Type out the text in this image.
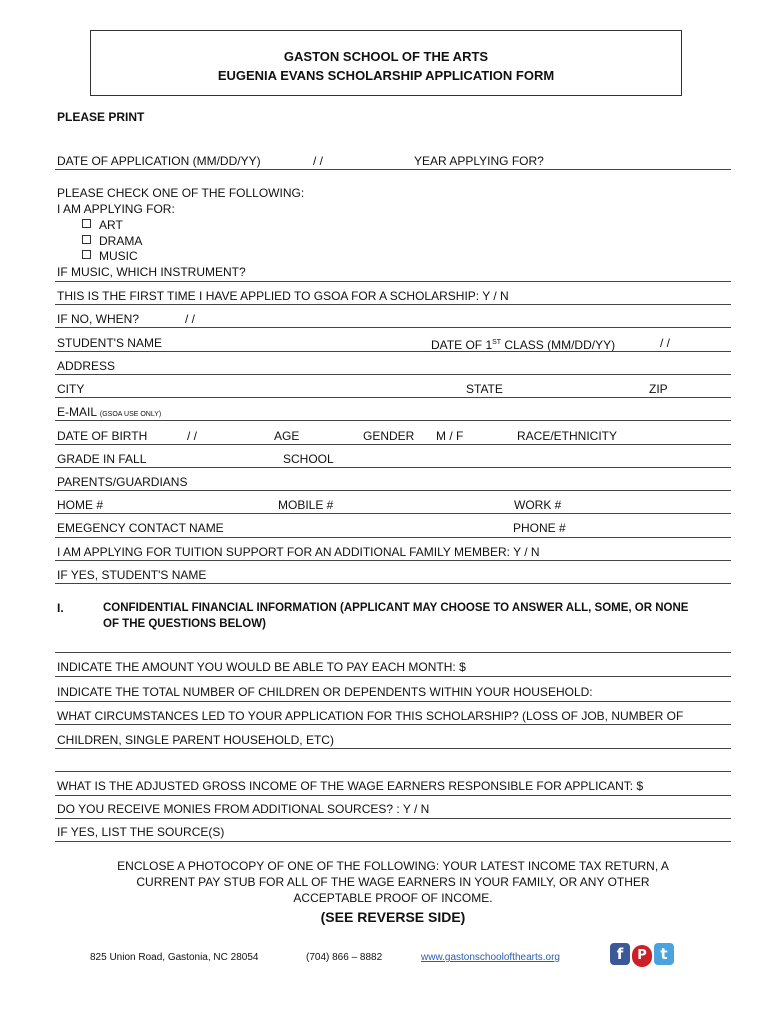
GASTON SCHOOL OF THE ARTS
EUGENIA EVANS SCHOLARSHIP APPLICATION FORM
PLEASE PRINT
DATE OF APPLICATION (MM/DD/YY)	/ /	YEAR APPLYING FOR?
PLEASE CHECK ONE OF THE FOLLOWING:
I AM APPLYING FOR:
ART
DRAMA
MUSIC
IF MUSIC, WHICH INSTRUMENT?
THIS IS THE FIRST TIME I HAVE APPLIED TO GSOA FOR A SCHOLARSHIP: Y / N
IF NO, WHEN?	/ /
STUDENT'S NAME	DATE OF 1ST CLASS (MM/DD/YY)	/ /
ADDRESS
CITY	STATE	ZIP
E-MAIL (GSOA USE ONLY)
DATE OF BIRTH	/ /	AGE	GENDER M / F	RACE/ETHNICITY
GRADE IN FALL	SCHOOL
PARENTS/GUARDIANS
HOME #	MOBILE #	WORK #
EMEGENCY CONTACT NAME	PHONE #
I AM APPLYING FOR TUITION SUPPORT FOR AN ADDITIONAL FAMILY MEMBER: Y / N
IF YES, STUDENT'S NAME
I.	CONFIDENTIAL FINANCIAL INFORMATION (APPLICANT MAY CHOOSE TO ANSWER ALL, SOME, OR NONE
OF THE QUESTIONS BELOW)
INDICATE THE AMOUNT YOU WOULD BE ABLE TO PAY EACH MONTH: $
INDICATE THE TOTAL NUMBER OF CHILDREN OR DEPENDENTS WITHIN YOUR HOUSEHOLD:
WHAT CIRCUMSTANCES LED TO YOUR APPLICATION FOR THIS SCHOLARSHIP? (LOSS OF JOB, NUMBER OF
CHILDREN, SINGLE PARENT HOUSEHOLD, ETC)
WHAT IS THE ADJUSTED GROSS INCOME OF THE WAGE EARNERS RESPONSIBLE FOR APPLICANT: $
DO YOU RECEIVE MONIES FROM ADDITIONAL SOURCES? : Y / N
IF YES, LIST THE SOURCE(S)
ENCLOSE A PHOTOCOPY OF ONE OF THE FOLLOWING: YOUR LATEST INCOME TAX RETURN, A
CURRENT PAY STUB FOR ALL OF THE WAGE EARNERS IN YOUR FAMILY, OR ANY OTHER
ACCEPTABLE PROOF OF INCOME.
(SEE REVERSE SIDE)
825 Union Road, Gastonia, NC 28054	(704) 866 – 8882	www.gastonschoolofthearts.org	f P t
